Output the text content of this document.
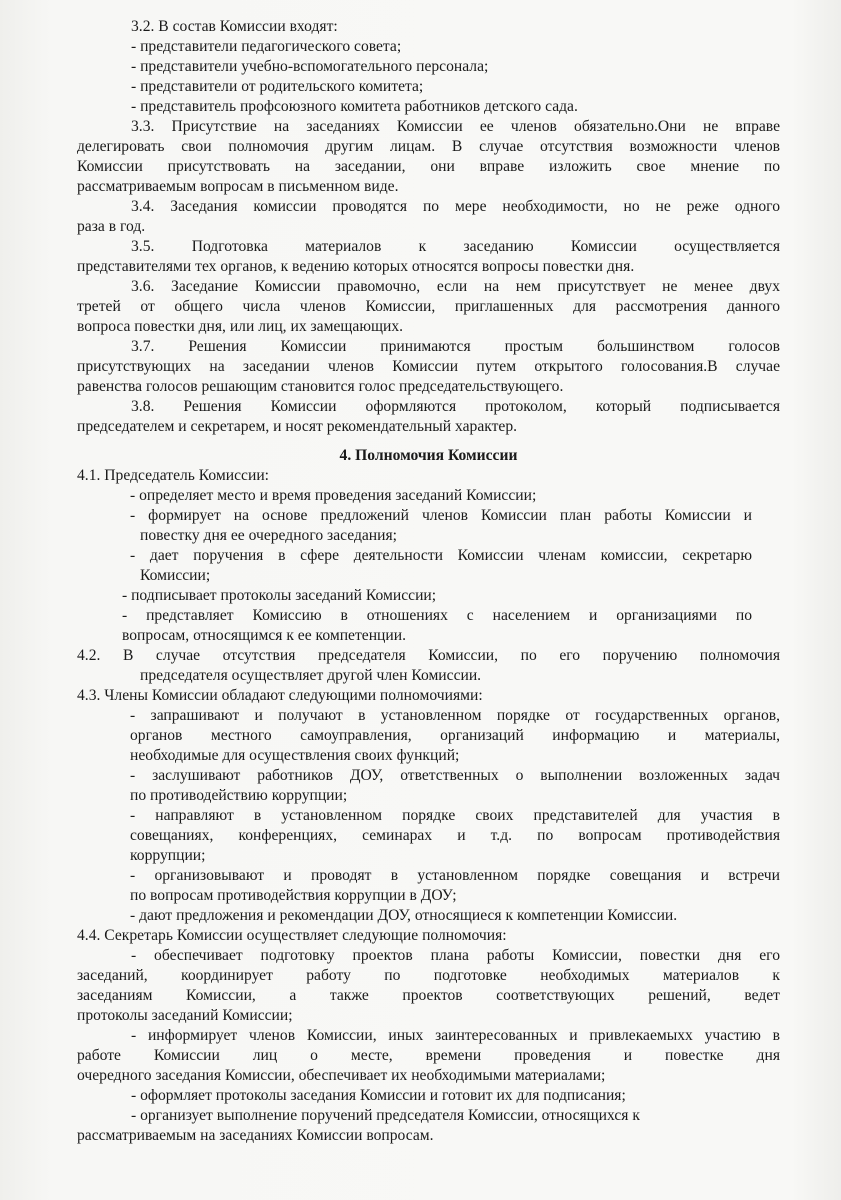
3.2. В состав Комиссии входят:
- представители педагогического совета;
- представители учебно-вспомогательного персонала;
- представители от родительского комитета;
- представитель профсоюзного комитета работников детского сада.
3.3. Присутствие на заседаниях Комиссии ее членов обязательно.Они не вправе
делегировать свои полномочия другим лицам. В случае отсутствия возможности членов
Комиссии присутствовать на заседании, они вправе изложить свое мнение по
рассматриваемым вопросам в письменном виде.
3.4. Заседания комиссии проводятся по мере необходимости, но не реже одного
раза в год.
3.5. Подготовка материалов к заседанию Комиссии осуществляется
представителями тех органов, к ведению которых относятся вопросы повестки дня.
3.6. Заседание Комиссии правомочно, если на нем присутствует не менее двух
третей от общего числа членов Комиссии, приглашенных для рассмотрения данного
вопроса повестки дня, или лиц, их замещающих.
3.7. Решения Комиссии принимаются простым большинством голосов
присутствующих на заседании членов Комиссии путем открытого голосования.В случае
равенства голосов решающим становится голос председательствующего.
3.8. Решения Комиссии оформляются протоколом, который подписывается
председателем и секретарем, и носят рекомендательный характер.
4. Полномочия Комиссии
4.1. Председатель Комиссии:
- определяет место и время проведения заседаний Комиссии;
- формирует на основе предложений членов Комиссии план работы Комиссии и
повестку дня ее очередного заседания;
- дает поручения в сфере деятельности Комиссии членам комиссии, секретарю
Комиссии;
- подписывает протоколы заседаний Комиссии;
- представляет Комиссию в отношениях с населением и организациями по
вопросам, относящимся к ее компетенции.
4.2. В случае отсутствия председателя Комиссии, по его поручению полномочия
председателя осуществляет другой член Комиссии.
4.3. Члены Комиссии обладают следующими полномочиями:
- запрашивают и получают в установленном порядке от государственных органов,
органов местного самоуправления, организаций информацию и материалы,
необходимые для осуществления своих функций;
- заслушивают работников ДОУ, ответственных о выполнении возложенных задач
по противодействию коррупции;
- направляют в установленном порядке своих представителей для участия в
совещаниях, конференциях, семинарах и т.д. по вопросам противодействия
коррупции;
- организовывают и проводят в установленном порядке совещания и встречи
по вопросам противодействия коррупции в ДОУ;
- дают предложения и рекомендации ДОУ, относящиеся к компетенции Комиссии.
4.4. Секретарь Комиссии осуществляет следующие полномочия:
- обеспечивает подготовку проектов плана работы Комиссии, повестки дня его
заседаний, координирует работу по подготовке необходимых материалов к
заседаниям Комиссии, а также проектов соответствующих решений, ведет
протоколы заседаний Комиссии;
- информирует членов Комиссии, иных заинтересованных и привлекаемыхх участию в
работе Комиссии лиц о месте, времени проведения и повестке дня
очередного заседания Комиссии, обеспечивает их необходимыми материалами;
- оформляет протоколы заседания Комиссии и готовит их для подписания;
- организует выполнение поручений председателя Комиссии, относящихся к
рассматриваемым на заседаниях Комиссии вопросам.
